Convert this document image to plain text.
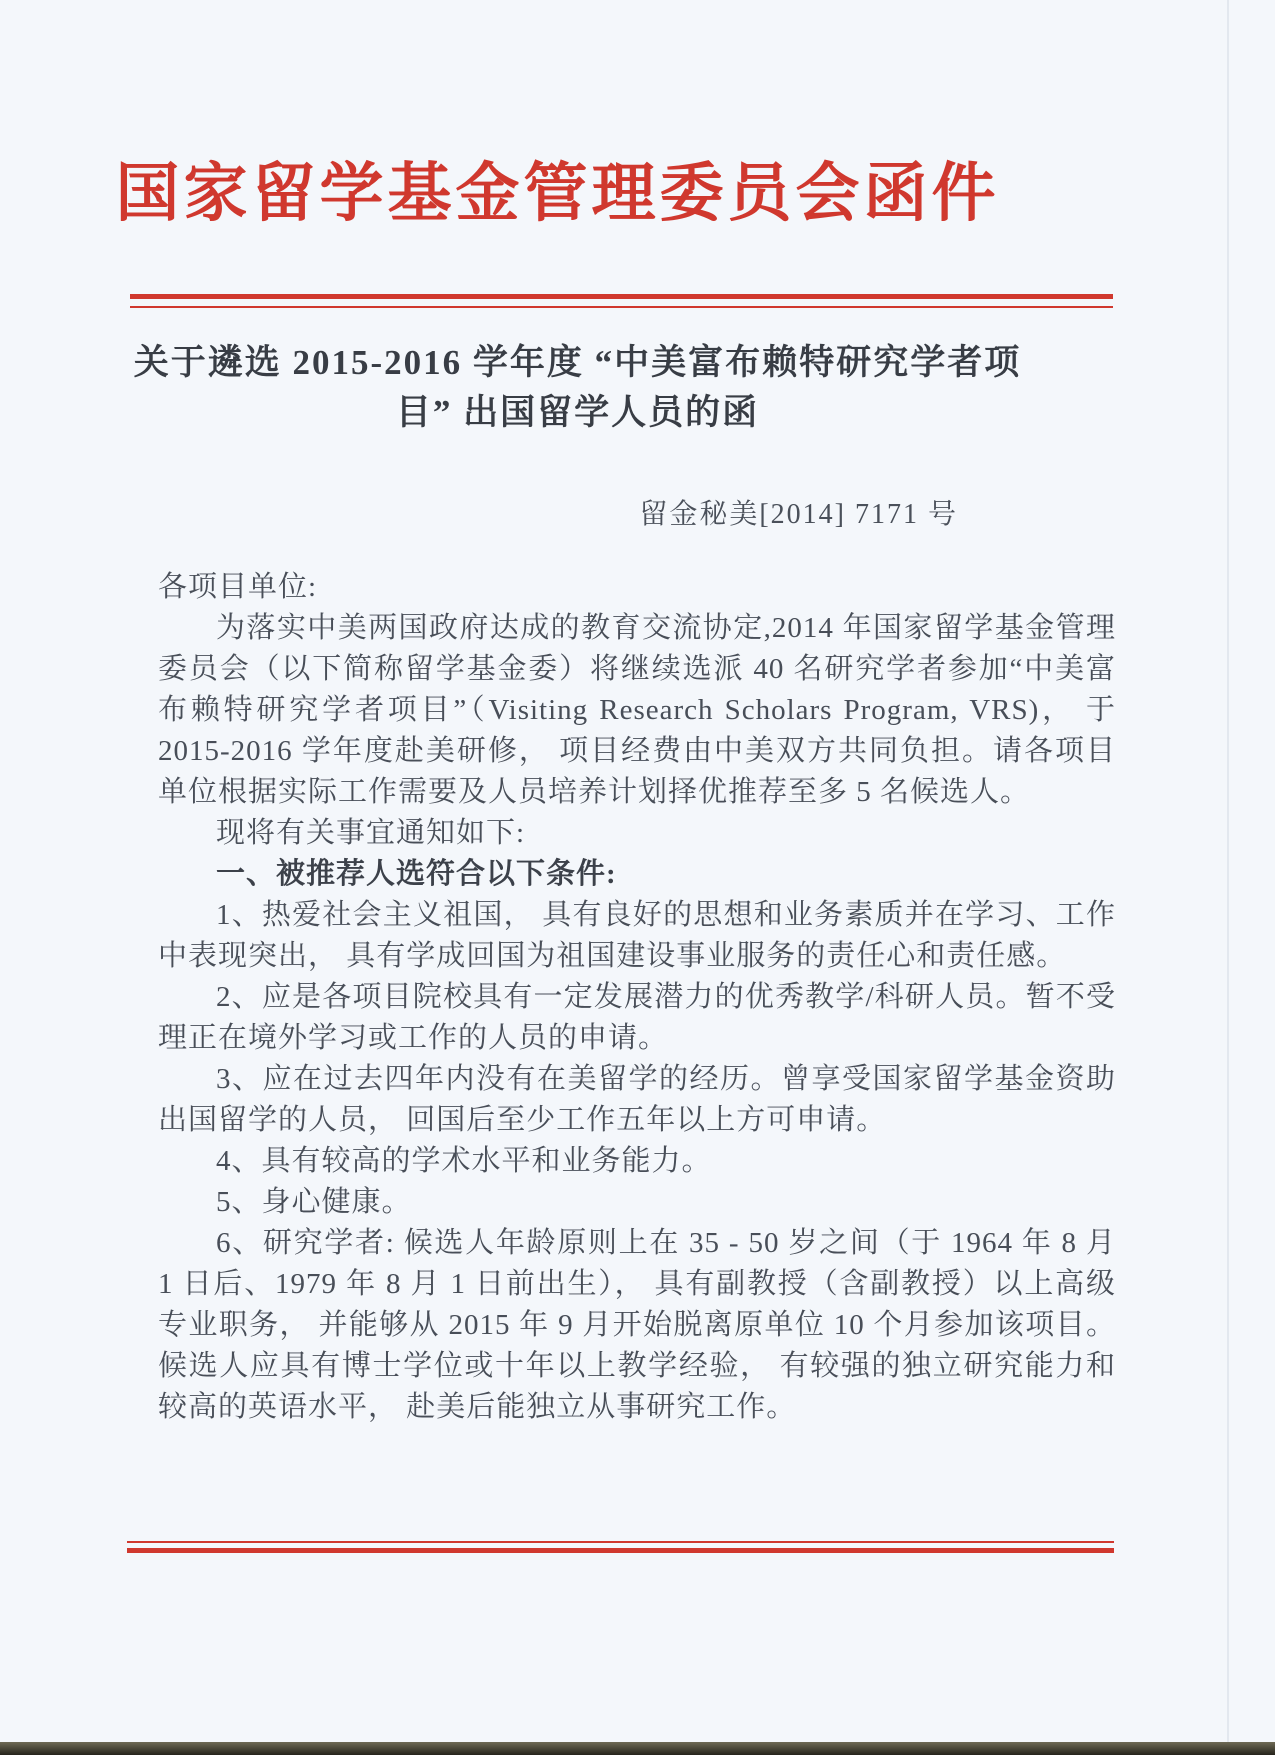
国家留学基金管理委员会函件
关于遴选 2015-2016 学年度 “中美富布赖特研究学者项
目” 出国留学人员的函
留金秘美[2014] 7171 号

各项目单位:

为落实中美两国政府达成的教育交流协定,2014 年国家留学基金管理委员会（以下简称留学基金委）将继续选派 40 名研究学者参加“中美富布赖特研究学者项目”（Visiting Research Scholars Program, VRS)， 于 2015-2016 学年度赴美研修， 项目经费由中美双方共同负担。请各项目单位根据实际工作需要及人员培养计划择优推荐至多 5 名候选人。

现将有关事宜通知如下:

一、被推荐人选符合以下条件:

1、热爱社会主义祖国， 具有良好的思想和业务素质并在学习、工作中表现突出， 具有学成回国为祖国建设事业服务的责任心和责任感。

2、应是各项目院校具有一定发展潜力的优秀教学/科研人员。暂不受理正在境外学习或工作的人员的申请。

3、应在过去四年内没有在美留学的经历。曾享受国家留学基金资助出国留学的人员， 回国后至少工作五年以上方可申请。

4、具有较高的学术水平和业务能力。

5、身心健康。

6、研究学者: 候选人年龄原则上在 35 - 50 岁之间（于 1964 年 8 月 1 日后、1979 年 8 月 1 日前出生）， 具有副教授（含副教授）以上高级专业职务， 并能够从 2015 年 9 月开始脱离原单位 10 个月参加该项目。候选人应具有博士学位或十年以上教学经验， 有较强的独立研究能力和较高的英语水平， 赴美后能独立从事研究工作。
